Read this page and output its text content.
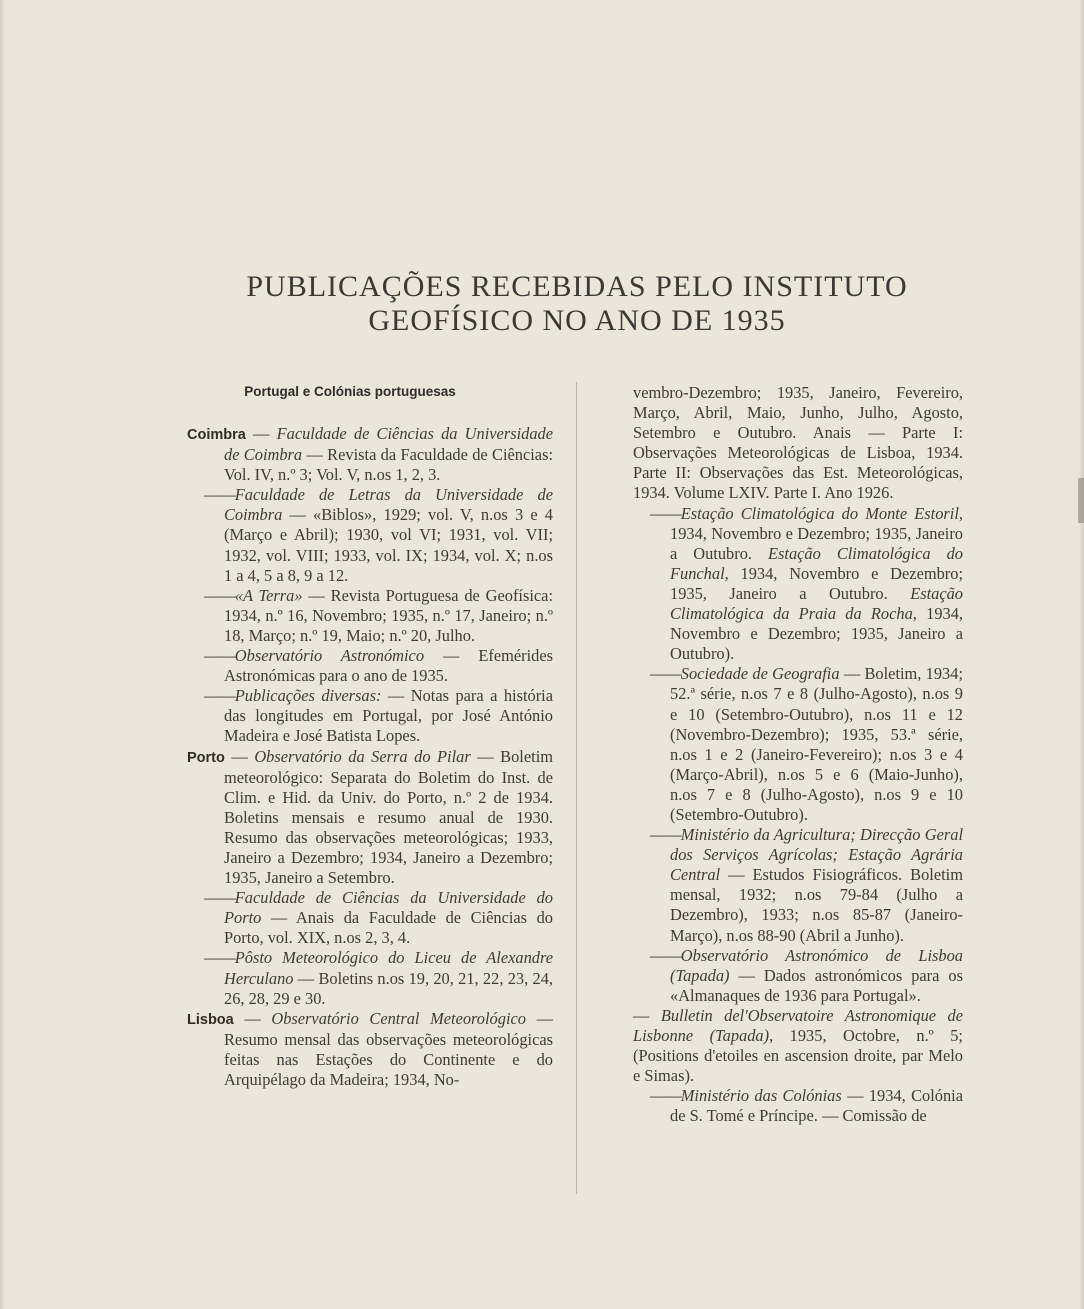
PUBLICAÇÕES RECEBIDAS PELO INSTITUTO
GEOFÍSICO NO ANO DE 1935
Portugal e Colónias portuguesas

Coimbra — Faculdade de Ciências da Universidade de Coimbra — Revista da Faculdade de Ciências: Vol. IV, n.º 3; Vol. V, n.os 1, 2, 3.

——Faculdade de Letras da Universidade de Coimbra — «Biblos», 1929; vol. V, n.os 3 e 4 (Março e Abril); 1930, vol VI; 1931, vol. VII; 1932, vol. VIII; 1933, vol. IX; 1934, vol. X; n.os 1 a 4, 5 a 8, 9 a 12.

——«A Terra» — Revista Portuguesa de Geofísica: 1934, n.º 16, Novembro; 1935, n.º 17, Janeiro; n.º 18, Março; n.º 19, Maio; n.º 20, Julho.

——Observatório Astronómico — Efemérides Astronómicas para o ano de 1935.

——Publicações diversas: — Notas para a história das longitudes em Portugal, por José António Madeira e José Batista Lopes.

Porto — Observatório da Serra do Pilar — Boletim meteorológico: Separata do Boletim do Inst. de Clim. e Hid. da Univ. do Porto, n.º 2 de 1934. Boletins mensais e resumo anual de 1930. Resumo das observações meteorológicas; 1933, Janeiro a Dezembro; 1934, Janeiro a Dezembro; 1935, Janeiro a Setembro.

——Faculdade de Ciências da Universidade do Porto — Anais da Faculdade de Ciências do Porto, vol. XIX, n.os 2, 3, 4.

——Pôsto Meteorológico do Liceu de Alexandre Herculano — Boletins n.os 19, 20, 21, 22, 23, 24, 26, 28, 29 e 30.

Lisboa — Observatório Central Meteorológico — Resumo mensal das observações meteorológicas feitas nas Estações do Continente e do Arquipélago da Madeira; 1934, No-

vembro-Dezembro; 1935, Janeiro, Fevereiro, Março, Abril, Maio, Junho, Julho, Agosto, Setembro e Outubro. Anais — Parte I: Observações Meteorológicas de Lisboa, 1934. Parte II: Observações das Est. Meteorológicas, 1934. Volume LXIV. Parte I. Ano 1926.

——Estação Climatológica do Monte Estoril, 1934, Novembro e Dezembro; 1935, Janeiro a Outubro. Estação Climatológica do Funchal, 1934, Novembro e Dezembro; 1935, Janeiro a Outubro. Estação Climatológica da Praia da Rocha, 1934, Novembro e Dezembro; 1935, Janeiro a Outubro).

——Sociedade de Geografia — Boletim, 1934; 52.ª série, n.os 7 e 8 (Julho-Agosto), n.os 9 e 10 (Setembro-Outubro), n.os 11 e 12 (Novembro-Dezembro); 1935, 53.ª série, n.os 1 e 2 (Janeiro-Fevereiro); n.os 3 e 4 (Março-Abril), n.os 5 e 6 (Maio-Junho), n.os 7 e 8 (Julho-Agosto), n.os 9 e 10 (Setembro-Outubro).

——Ministério da Agricultura; Direcção Geral dos Serviços Agrícolas; Estação Agrária Central — Estudos Fisiográficos. Boletim mensal, 1932; n.os 79-84 (Julho a Dezembro), 1933; n.os 85-87 (Janeiro-Março), n.os 88-90 (Abril a Junho).

——Observatório Astronómico de Lisboa (Tapada) — Dados astronómicos para os «Almanaques de 1936 para Portugal».

— Bulletin del'Observatoire Astronomique de Lisbonne (Tapada), 1935, Octobre, n.º 5; (Positions d'etoiles en ascension droite, par Melo e Simas).

——Ministério das Colónias — 1934, Colónia de S. Tomé e Príncipe. — Comissão de
